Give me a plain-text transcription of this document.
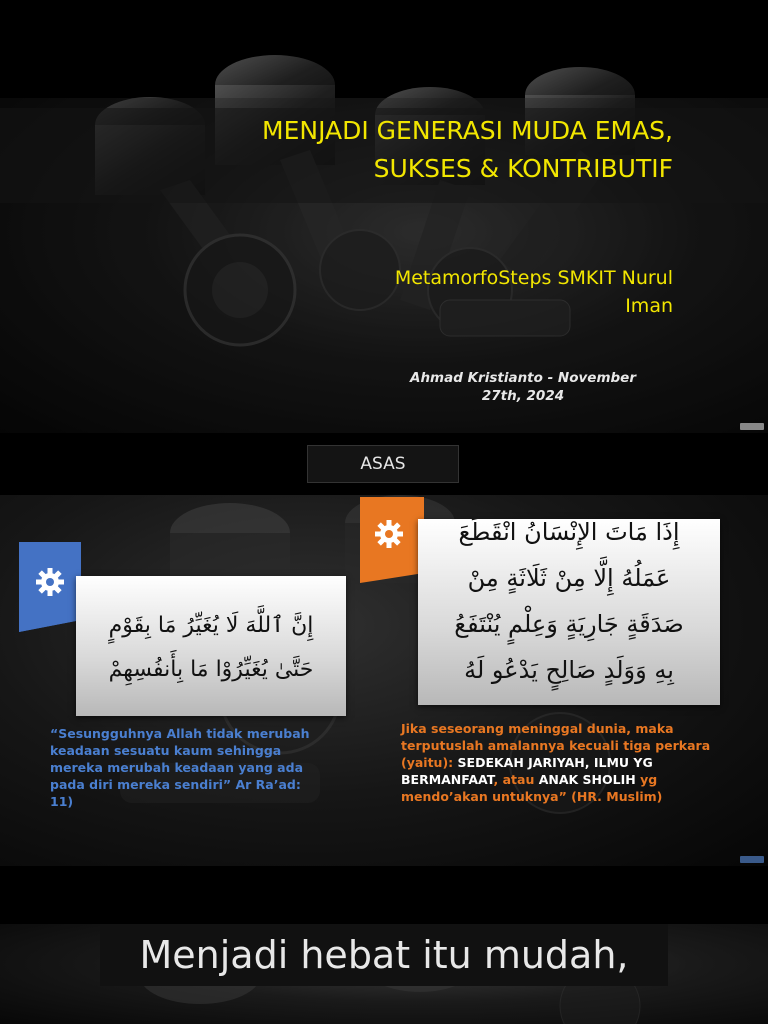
MENJADI GENERASI MUDA EMAS,
SUKSES & KONTRIBUTIF
MetamorfoSteps SMKIT Nurul
Iman
Ahmad Kristianto - November
27th, 2024
ASAS
إِنَّ ٱللَّهَ لَا يُغَيِّرُ مَا بِقَوْمٍ
حَتَّىٰ يُغَيِّرُوْا مَا بِأَنفُسِهِمْ
إِذَا مَاتَ الإِنْسَانُ انْقَطَعَ
عَمَلُهُ إِلَّا مِنْ ثَلَاثَةٍ مِنْ
صَدَقَةٍ جَارِيَةٍ وَعِلْمٍ يُنْتَفَعُ
بِهِ وَوَلَدٍ صَالِحٍ يَدْعُو لَهُ
“Sesungguhnya Allah tidak merubah keadaan sesuatu kaum sehingga mereka merubah keadaan yang ada pada diri mereka sendiri” Ar Ra’ad: 11)
Jika seseorang meninggal dunia, maka terputuslah amalannya kecuali tiga perkara (yaitu): SEDEKAH JARIYAH, ILMU YG BERMANFAAT, atau ANAK SHOLIH yg mendo’akan untuknya” (HR. Muslim)
Menjadi hebat itu mudah,
